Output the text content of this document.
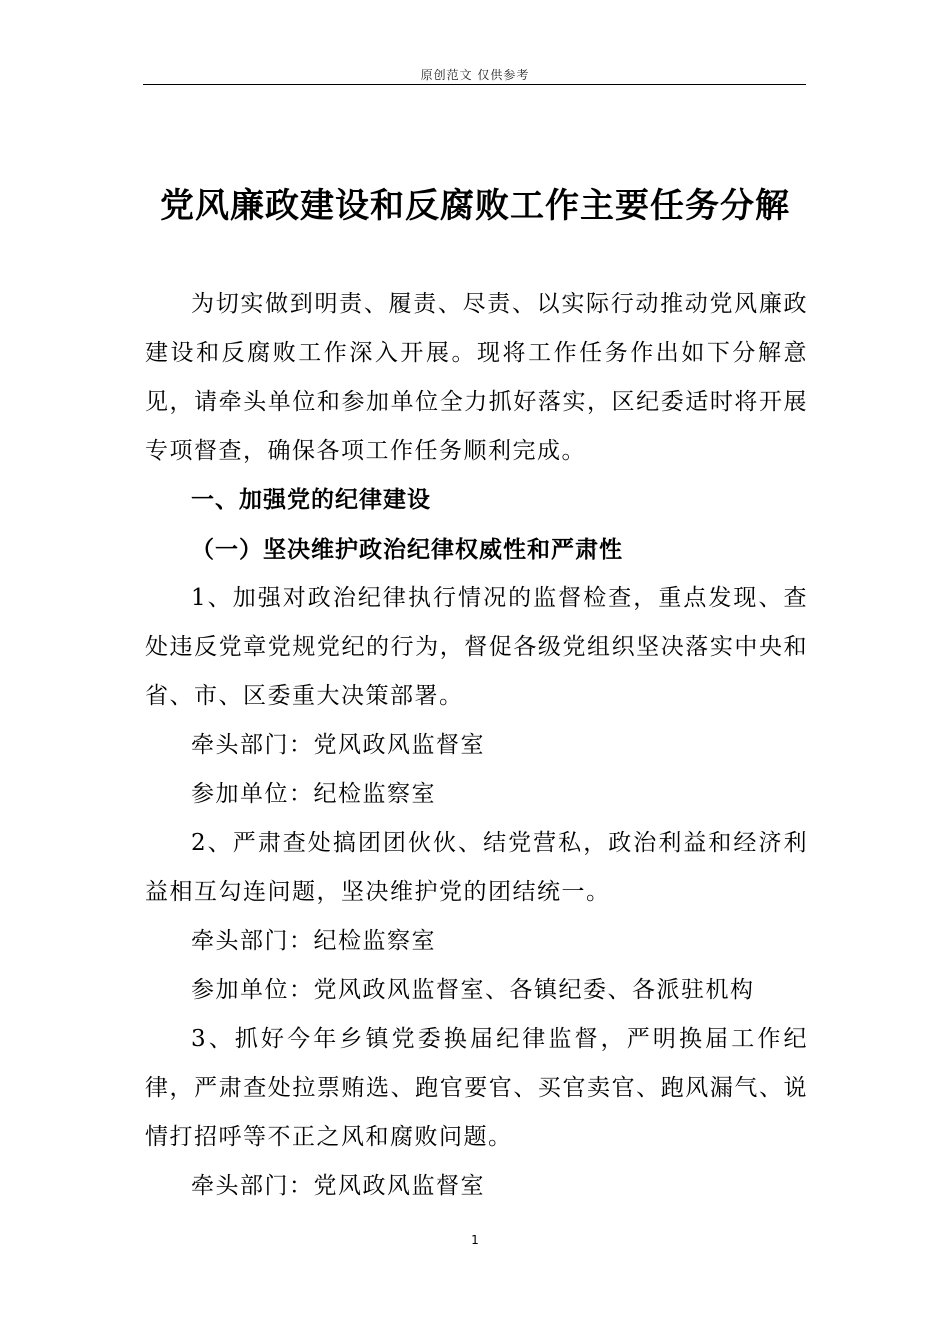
原创范文 仅供参考
党风廉政建设和反腐败工作主要任务分解

为切实做到明责、履责、尽责、以实际行动推动党风廉政建设和反腐败工作深入开展。现将工作任务作出如下分解意见，请牵头单位和参加单位全力抓好落实，区纪委适时将开展专项督查，确保各项工作任务顺利完成。

一、加强党的纪律建设

（一）坚决维护政治纪律权威性和严肃性

1、加强对政治纪律执行情况的监督检查，重点发现、查处违反党章党规党纪的行为，督促各级党组织坚决落实中央和省、市、区委重大决策部署。

牵头部门：党风政风监督室

参加单位：纪检监察室

2、严肃查处搞团团伙伙、结党营私，政治利益和经济利益相互勾连问题，坚决维护党的团结统一。

牵头部门：纪检监察室

参加单位：党风政风监督室、各镇纪委、各派驻机构

3、抓好今年乡镇党委换届纪律监督，严明换届工作纪律，严肃查处拉票贿选、跑官要官、买官卖官、跑风漏气、说情打招呼等不正之风和腐败问题。

牵头部门：党风政风监督室

1
